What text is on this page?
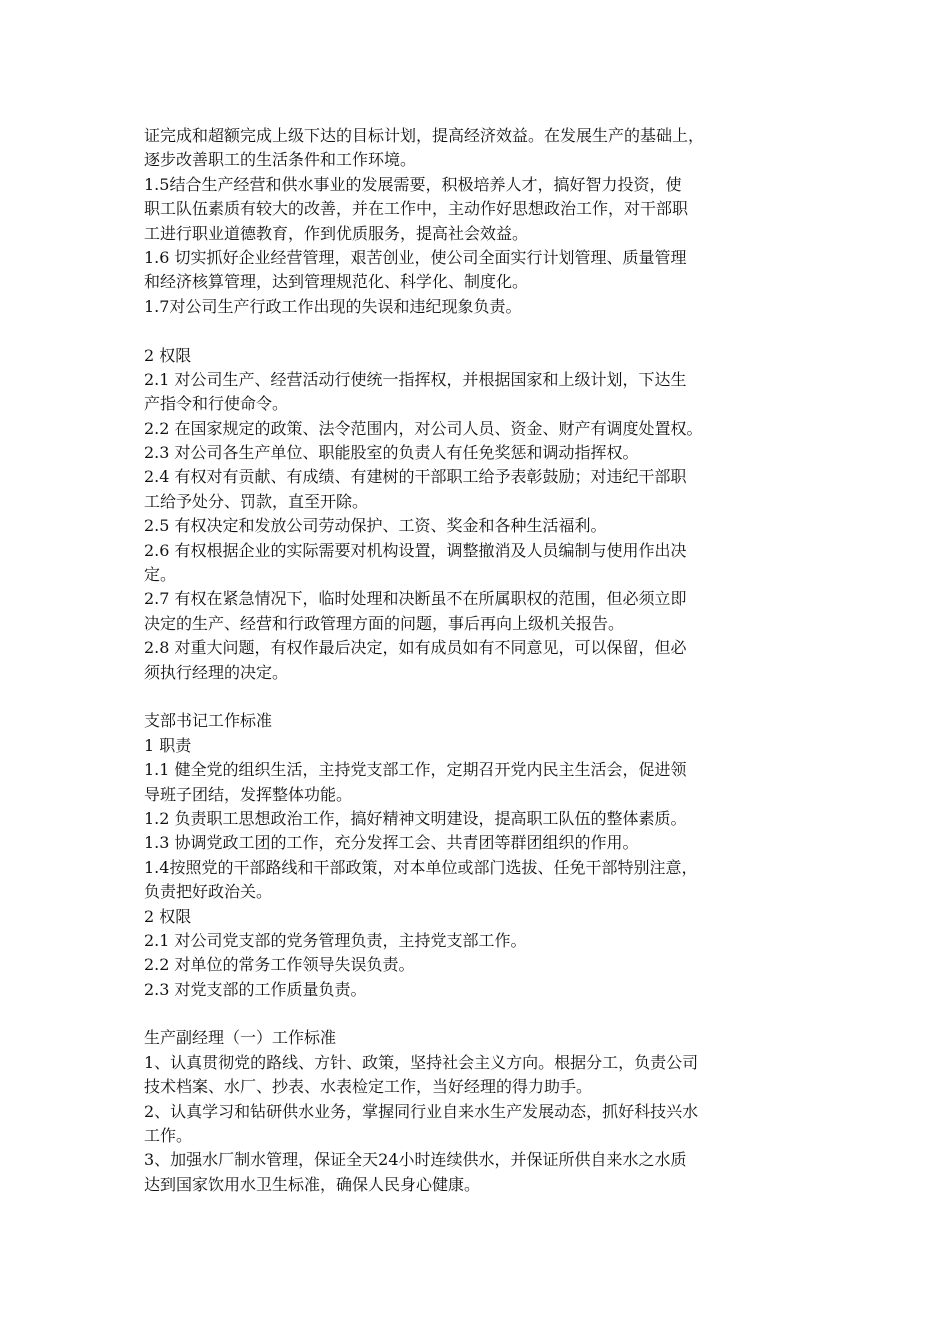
证完成和超额完成上级下达的目标计划，提高经济效益。在发展生产的基础上，
逐步改善职工的生活条件和工作环境。
1.5结合生产经营和供水事业的发展需要，积极培养人才，搞好智力投资，使
职工队伍素质有较大的改善，并在工作中，主动作好思想政治工作，对干部职
工进行职业道德教育，作到优质服务，提高社会效益。
1.6 切实抓好企业经营管理，艰苦创业，使公司全面实行计划管理、质量管理
和经济核算管理，达到管理规范化、科学化、制度化。
1.7对公司生产行政工作出现的失误和违纪现象负责。
2 权限
2.1 对公司生产、经营活动行使统一指挥权，并根据国家和上级计划，下达生
产指令和行使命令。
2.2 在国家规定的政策、法令范围内，对公司人员、资金、财产有调度处置权。
2.3 对公司各生产单位、职能股室的负责人有任免奖惩和调动指挥权。
2.4 有权对有贡献、有成绩、有建树的干部职工给予表彰鼓励；对违纪干部职
工给予处分、罚款，直至开除。
2.5 有权决定和发放公司劳动保护、工资、奖金和各种生活福利。
2.6 有权根据企业的实际需要对机构设置，调整撤消及人员编制与使用作出决
定。
2.7 有权在紧急情况下，临时处理和决断虽不在所属职权的范围，但必须立即
决定的生产、经营和行政管理方面的问题，事后再向上级机关报告。
2.8 对重大问题，有权作最后决定，如有成员如有不同意见，可以保留，但必
须执行经理的决定。
支部书记工作标准
1 职责
1.1 健全党的组织生活，主持党支部工作，定期召开党内民主生活会，促进领
导班子团结，发挥整体功能。
1.2 负责职工思想政治工作，搞好精神文明建设，提高职工队伍的整体素质。
1.3 协调党政工团的工作，充分发挥工会、共青团等群团组织的作用。
1.4按照党的干部路线和干部政策，对本单位或部门选拔、任免干部特别注意，
负责把好政治关。
2 权限
2.1 对公司党支部的党务管理负责，主持党支部工作。
2.2 对单位的常务工作领导失误负责。
2.3 对党支部的工作质量负责。
生产副经理（一）工作标准
1、认真贯彻党的路线、方针、政策，坚持社会主义方向。根据分工，负责公司
技术档案、水厂、抄表、水表检定工作，当好经理的得力助手。
2、认真学习和钻研供水业务，掌握同行业自来水生产发展动态，抓好科技兴水
工作。
3、加强水厂制水管理，保证全天24小时连续供水，并保证所供自来水之水质
达到国家饮用水卫生标准，确保人民身心健康。
